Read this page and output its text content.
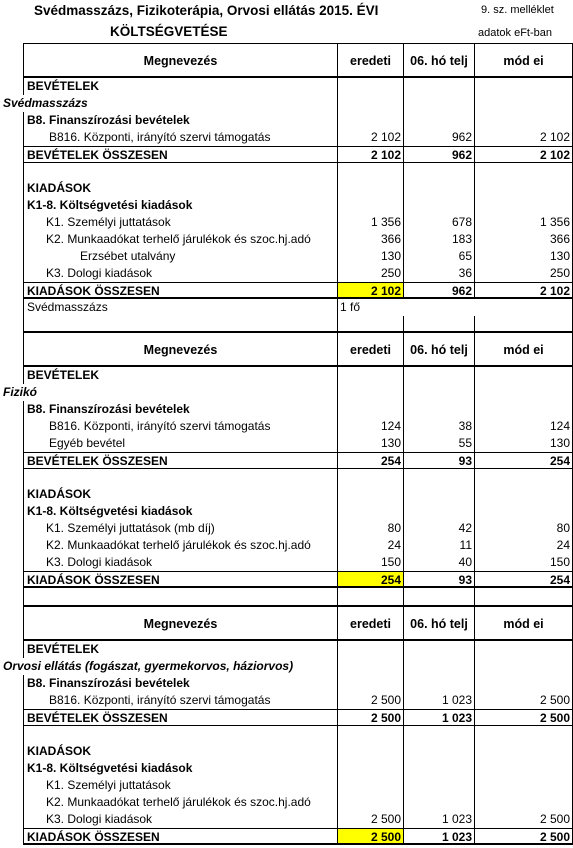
Svédmasszázs, Fizikoterápia, Orvosi ellátás 2015. ÉVI	9. sz. melléklet
KÖLTSÉGVETÉSE	adatok eFt-ban
Megnevezés	eredeti	06. hó telj	mód ei
BEVÉTELEK
Svédmasszázs
B8. Finanszírozási bevételek
B816. Központi, irányító szervi támogatás	2 102	962	2 102
BEVÉTELEK ÖSSZESEN	2 102	962	2 102
KIADÁSOK
K1-8. Költségvetési kiadások
K1. Személyi juttatások	1 356	678	1 356
K2. Munkaadókat terhelő járulékok és szoc.hj.adó	366	183	366
Erzsébet utalvány	130	65	130
K3. Dologi kiadások	250	36	250
KIADÁSOK ÖSSZESEN	2 102	962	2 102
Svédmasszázs	1 fő
Megnevezés	eredeti	06. hó telj	mód ei
BEVÉTELEK
Fizikó
B8. Finanszírozási bevételek
B816. Központi, irányító szervi támogatás	124	38	124
Egyéb bevétel	130	55	130
BEVÉTELEK ÖSSZESEN	254	93	254
KIADÁSOK
K1-8. Költségvetési kiadások
K1. Személyi juttatások (mb díj)	80	42	80
K2. Munkaadókat terhelő járulékok és szoc.hj.adó	24	11	24
K3. Dologi kiadások	150	40	150
KIADÁSOK ÖSSZESEN	254	93	254
Megnevezés	eredeti	06. hó telj	mód ei
BEVÉTELEK
Orvosi ellátás (fogászat, gyermekorvos, háziorvos)
B8. Finanszírozási bevételek
B816. Központi, irányító szervi támogatás	2 500	1 023	2 500
BEVÉTELEK ÖSSZESEN	2 500	1 023	2 500
KIADÁSOK
K1-8. Költségvetési kiadások
K1. Személyi juttatások
K2. Munkaadókat terhelő járulékok és szoc.hj.adó
K3. Dologi kiadások	2 500	1 023	2 500
KIADÁSOK ÖSSZESEN	2 500	1 023	2 500
